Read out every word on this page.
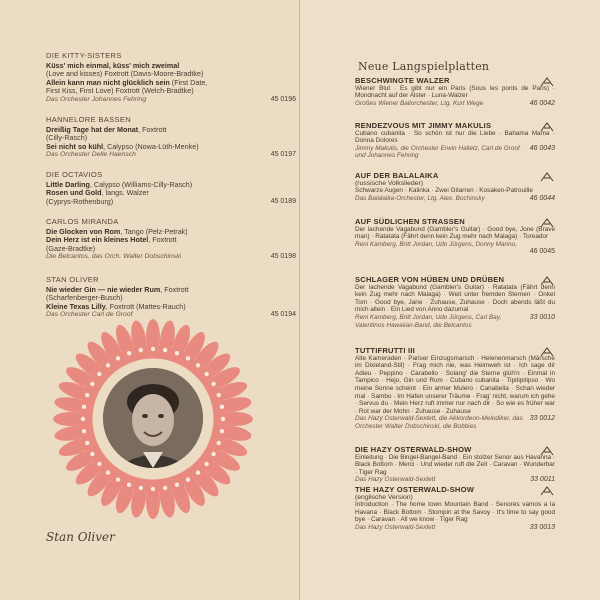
DIE KITTY-SISTERS
Küss' mich einmal, küss' mich zweimal
(Love and kisses) Foxtrott (Davis-Moore-Bradtke)
Allein kann man nicht glücklich sein (First Date,
First Kiss, First Love) Foxtrott (Welch-Bradtke)
Das Orchester Johannes Fehring	45 0196
HANNELORE BASSEN
Dreißig Tage hat der Monat, Foxtrott
(Cilly-Rasch)
Sei nicht so kühl, Calypso (Nowa-Lüth-Menke)
Das Orchester Delle Haensch	45 0197
DIE OCTAVIOS
Little Darling, Calypso (Williams-Cilly-Rasch)
Rosen und Gold, langs. Walzer
(Cyprys-Rothenburg)	45 0189
CARLOS MIRANDA
Die Glocken von Rom, Tango (Pelz-Petrak)
Dein Herz ist ein kleines Hotel, Foxtrott
(Gaze-Bradtke)
Die Belcantos, das Orch. Walter Dobschinski	45 0198
STAN OLIVER
Nie wieder Gin — nie wieder Rum, Foxtrott
(Scharfenberger-Busch)
Kleine Texas Lilly, Foxtrott (Mattes-Rauch)
Das Orchester Carl de Groof	45 0194
Stan Oliver
Neue Langspielplatten
BESCHWINGTE WALZER
Wiener Blut · Es gibt nur ein Paris (Sous les ponts de Paris) · Mondnacht auf der Alster · Luna-Walzer
Großes Wiener Ballorchester, Ltg. Kurt Wege	46 0042
RENDEZVOUS MIT JIMMY MAKULIS
Cubano cubanita · So schön ist nur die Liebe · Bahama Mama · Donna Dolores
Jimmy Makulis, die Orchester Erwin Halletz, Carl de Groof und Johannes Fehring
46 0043
AUF DER BALALAIKA
(russische Volkslieder)
Schwarze Augen · Kalinka · Zwei Gitarren · Kosaken-Patrouille
Das Balalaika-Orchester, Ltg. Alex. Bochinsky	46 0044
AUF SÜDLICHEN STRASSEN
Der lachende Vagabund (Gambler's Guitar) · Good bye, Jone (Brave man) · Ratatata (Fährt denn kein Zug mehr nach Malaga) · Toreador
Reni Kamberg, Britt Jordan, Udo Jürgens, Donny Marino,
46 0045
SCHLAGER VON HÜBEN UND DRÜBEN
Der lachende Vagabund (Gambler's Guitar) · Ratatata (Fährt denn kein Zug mehr nach Malaga) · Weit unter fremden Sternen · Onkel Tom · Good bye, Jane · Zuhause, Zuhause · Doch abends läßt du mich allein · Ein Lied von Anno dazumal
Reni Kamberg, Britt Jordan, Udo Jürgens, Carl Bay, Valentinos Hawaiian-Band, die Belcantos
33 0010
TUTTIFRUTTI III
Alte Kameraden · Pariser Einzugsmarsch · Helenenmarsch (Märsche im Dixieland-Stil) · Frag mich nie, was Heimweh ist · Ich sage dir Adieu · Peppino · Carabello · Solang' die Sterne glüh'n · Einmal in Tampico · Hejo, Gin und Rum · Cubano cubanita · Tipitipitipso · Wo meine Sonne scheint · Ein armer Mulero · Canabella · Schan wieder mal · Sambo · Im Hafen unserer Träume · Frag' nicht, warum ich gehe · Servus du · Mein Herz ruft immer nur nach dir · So wie es früher war · Rot war der Mohn · Zuhause · Zuhause
Das Hazy Osterwald-Sextett, die Akkordeon-Melodiker, das Orchester Walter Dobschinski, die Bobbies
33 0012
DIE HAZY OSTERWALD-SHOW
Einleitung · Die Bingel-Bangel-Band · Ein stolzer Senor aus Havanna · Black Bottom · Merci · Und wieder ruft die Zeit · Caravan · Wunderbar · Tiger Rag
Das Hazy Osterwald-Sextett	33 0011
THE HAZY OSTERWALD-SHOW
(englische Version)
Introduction · The home town Mountain Band · Senores vamos a la Havana · Black Bottom · Stompin at the Savoy · It's time to say good bye · Caravan · All we know · Tiger Rag
Das Hazy Osterwald-Sextett	33 0013
